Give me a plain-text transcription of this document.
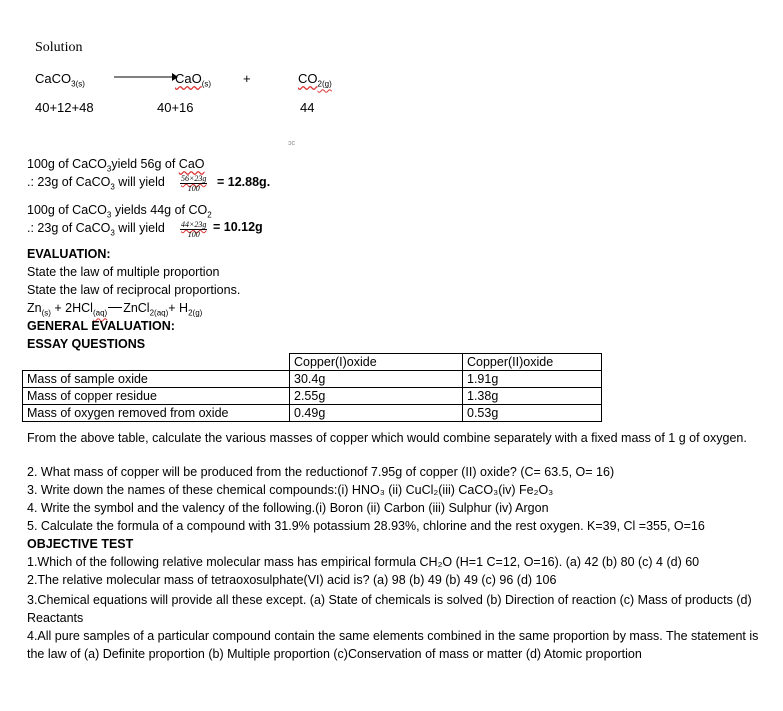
Solution
CaCO$_{3(s)}$	CaO$_{(s)}$ +	$CO_{2(g)}$
40+12+48	40+16	44
ɔc
100g of CaCO$_3$yield 56g of CaO
.: 23g of CaCO$_3$ will yield $\frac{56\times 23g}{100} = 12.88g$.
100g of CaCO$_3$ yields 44g of $CO_2$
.: 23g of CaCO$_3$ will yield $\frac{44\times 23g}{100} = 10.12g$
EVALUATION:
State the law of multiple proportion
State the law of reciprocal proportions.
$Zn_{(s)} + 2HCl_{(aq)}$ ZnCl$_{2(aq)}$+ $H_{2(g)}$
GENERAL EVALUATION:
ESSAY QUESTIONS
	Copper(I)oxide	Copper(II)oxide
Mass of sample oxide	30.4g	1.91g
Mass of copper residue	2.55g	1.38g
Mass of oxygen removed from oxide	0.49g	0.53g
From the above table, calculate the various masses of copper which would combine separately with a fixed mass of 1 g of oxygen.
2. What mass of copper will be produced from the reductionof 7.95g of copper (II) oxide? (C= 63.5, O= 16)
3. Write down the names of these chemical compounds:(i) HNO₃ (ii) CuCl₂(iii) CaCO₃(iv) Fe₂O₃
4. Write the symbol and the valency of the following.(i) Boron (ii) Carbon (iii) Sulphur (iv) Argon
5. Calculate the formula of a compound with 31.9% potassium 28.93%, chlorine and the rest oxygen. K=39, Cl =355, O=16
OBJECTIVE TEST
1.Which of the following relative molecular mass has empirical formula CH₂O (H=1 C=12, O=16). (a) 42 (b) 80 (c) 4 (d) 60
2.The relative molecular mass of tetraoxosulphate(VI) acid is? (a) 98 (b) 49 (b) 49 (c) 96 (d) 106
3.Chemical equations will provide all these except. (a) State of chemicals is solved (b) Direction of reaction (c) Mass of products (d) Reactants
4.All pure samples of a particular compound contain the same elements combined in the same proportion by mass. The statement is the law of (a) Definite proportion (b) Multiple proportion (c)Conservation of mass or matter (d) Atomic proportion
